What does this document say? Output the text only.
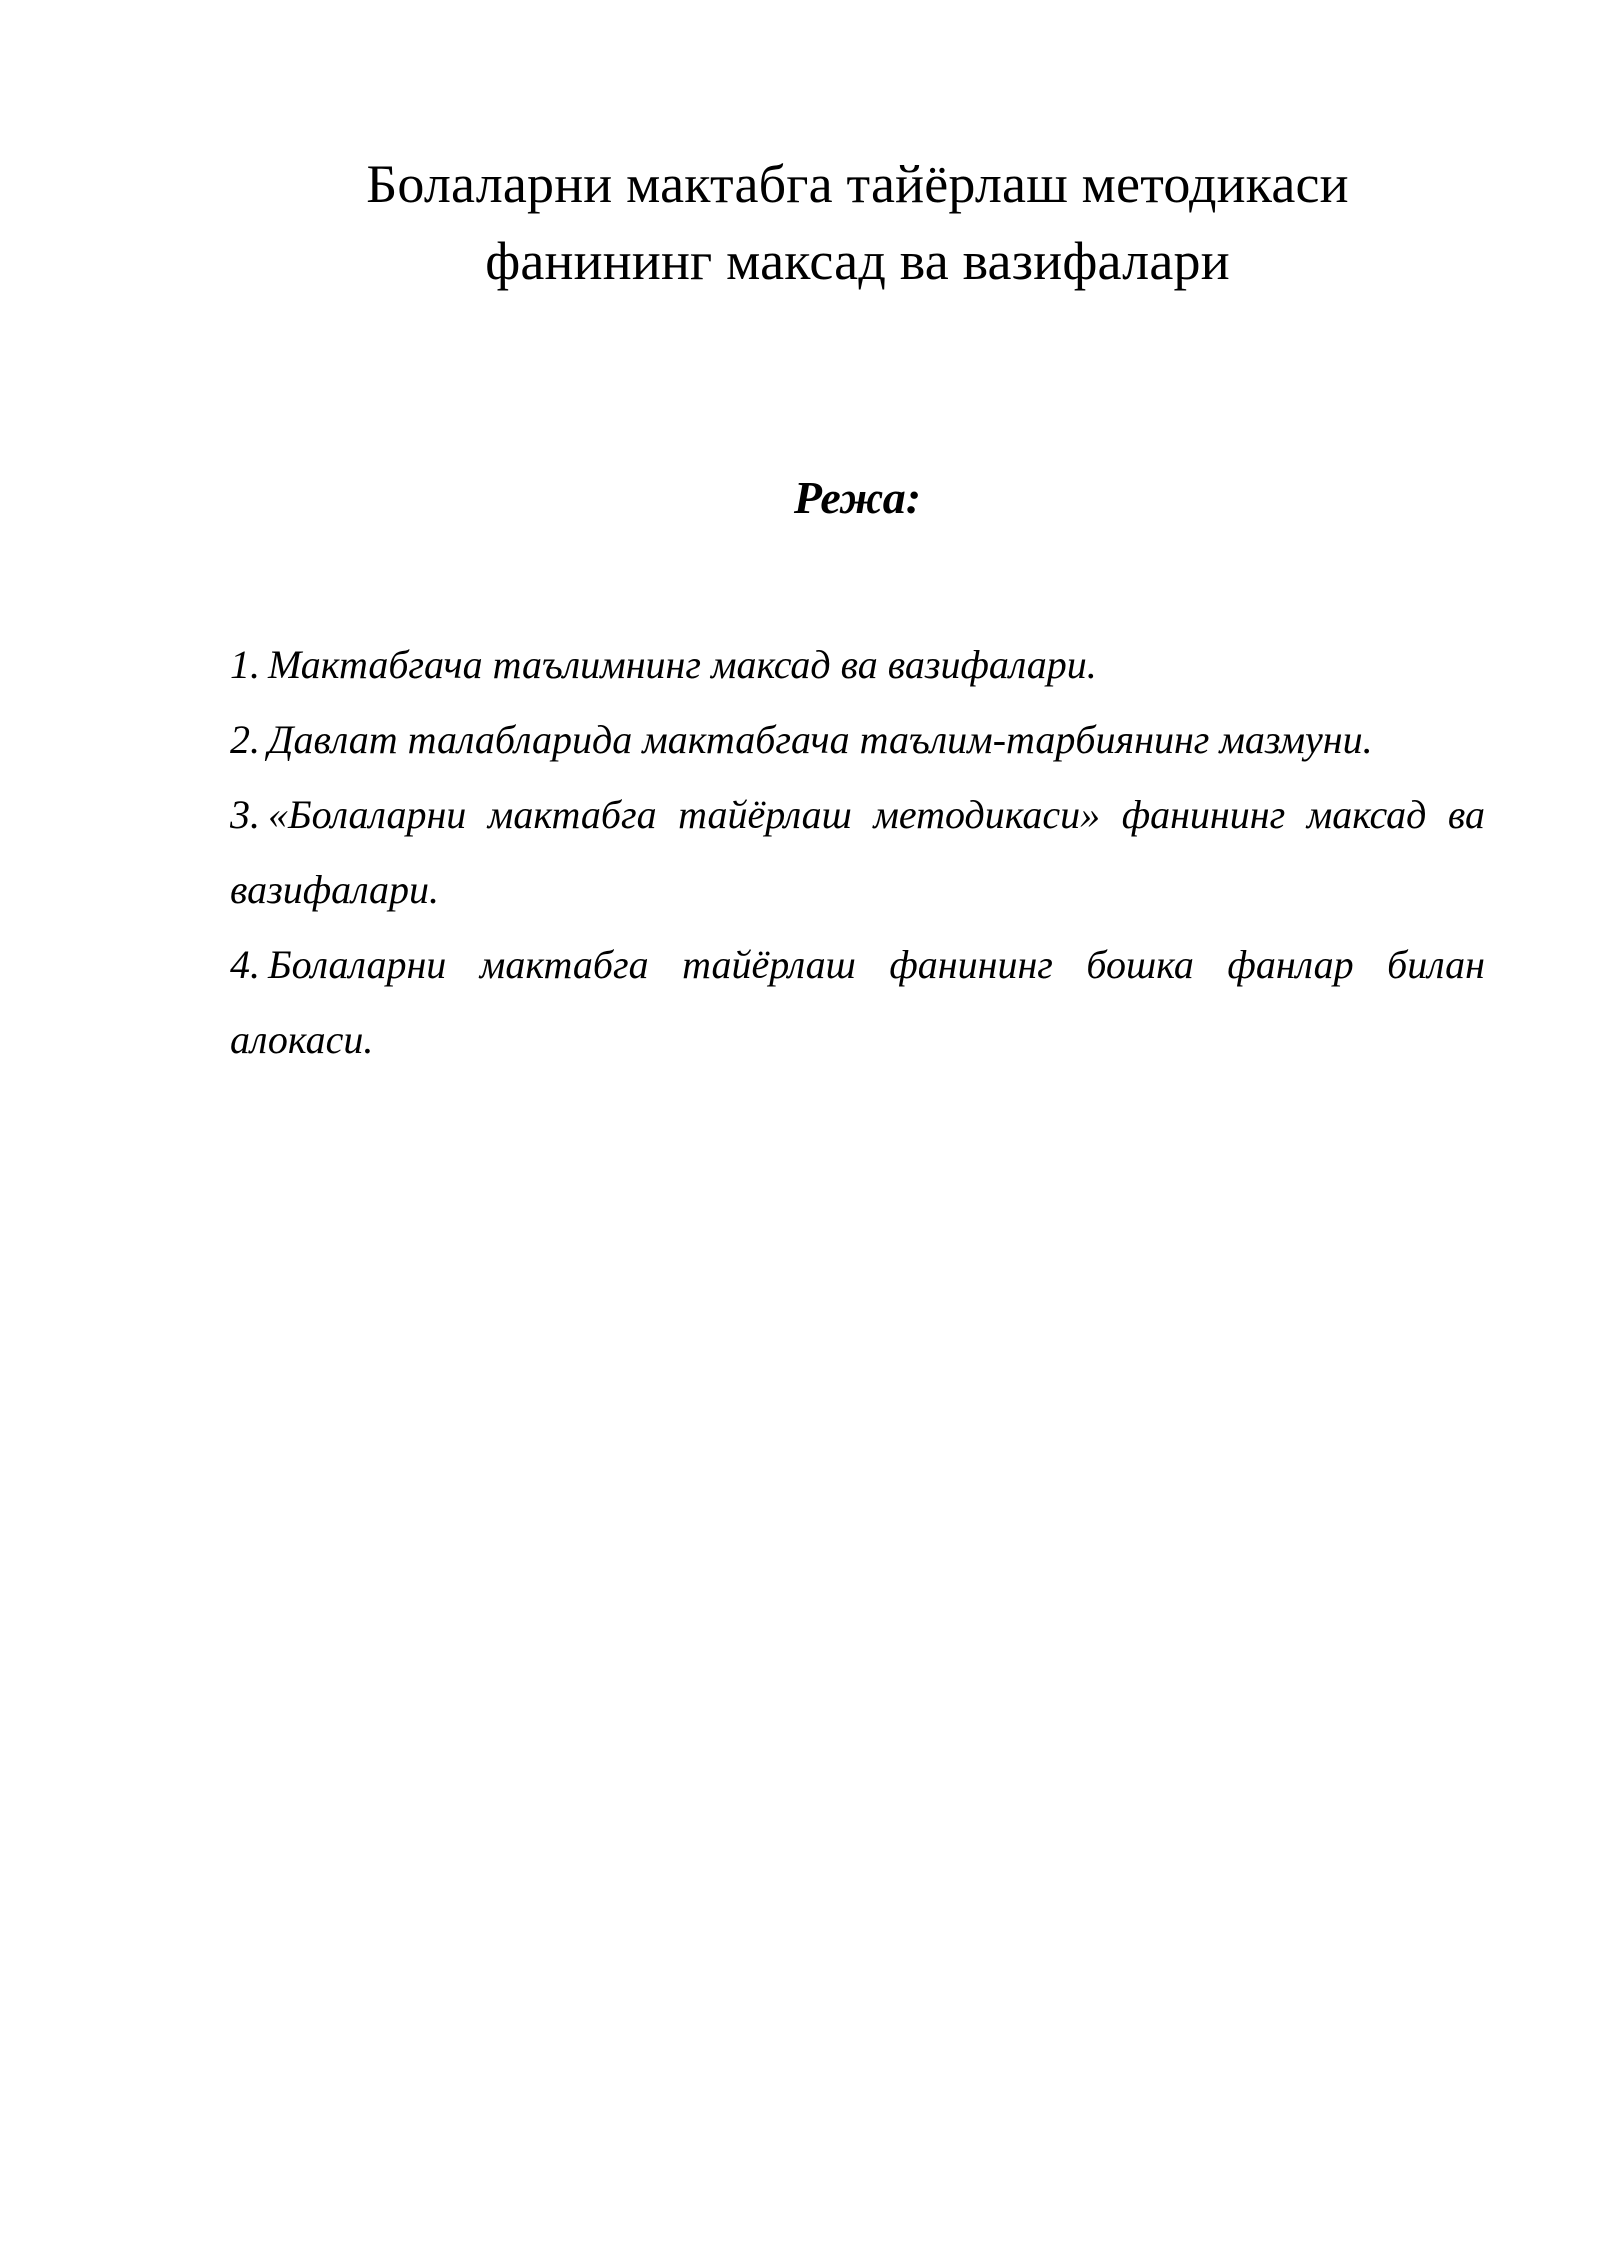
Болаларни мактабга тайёрлаш методикаси
фанининг максад ва вазифалари
Режа:
1. Мактабгача таълимнинг максад ва вазифалари.
2. Давлат талабларида мактабгача таълим-тарбиянинг мазмуни.
3. «Болаларни мактабга тайёрлаш методикаси» фанининг максад ва вазифалари.
4. Болаларни мактабга тайёрлаш фанининг бошка фанлар билан алокаси.
